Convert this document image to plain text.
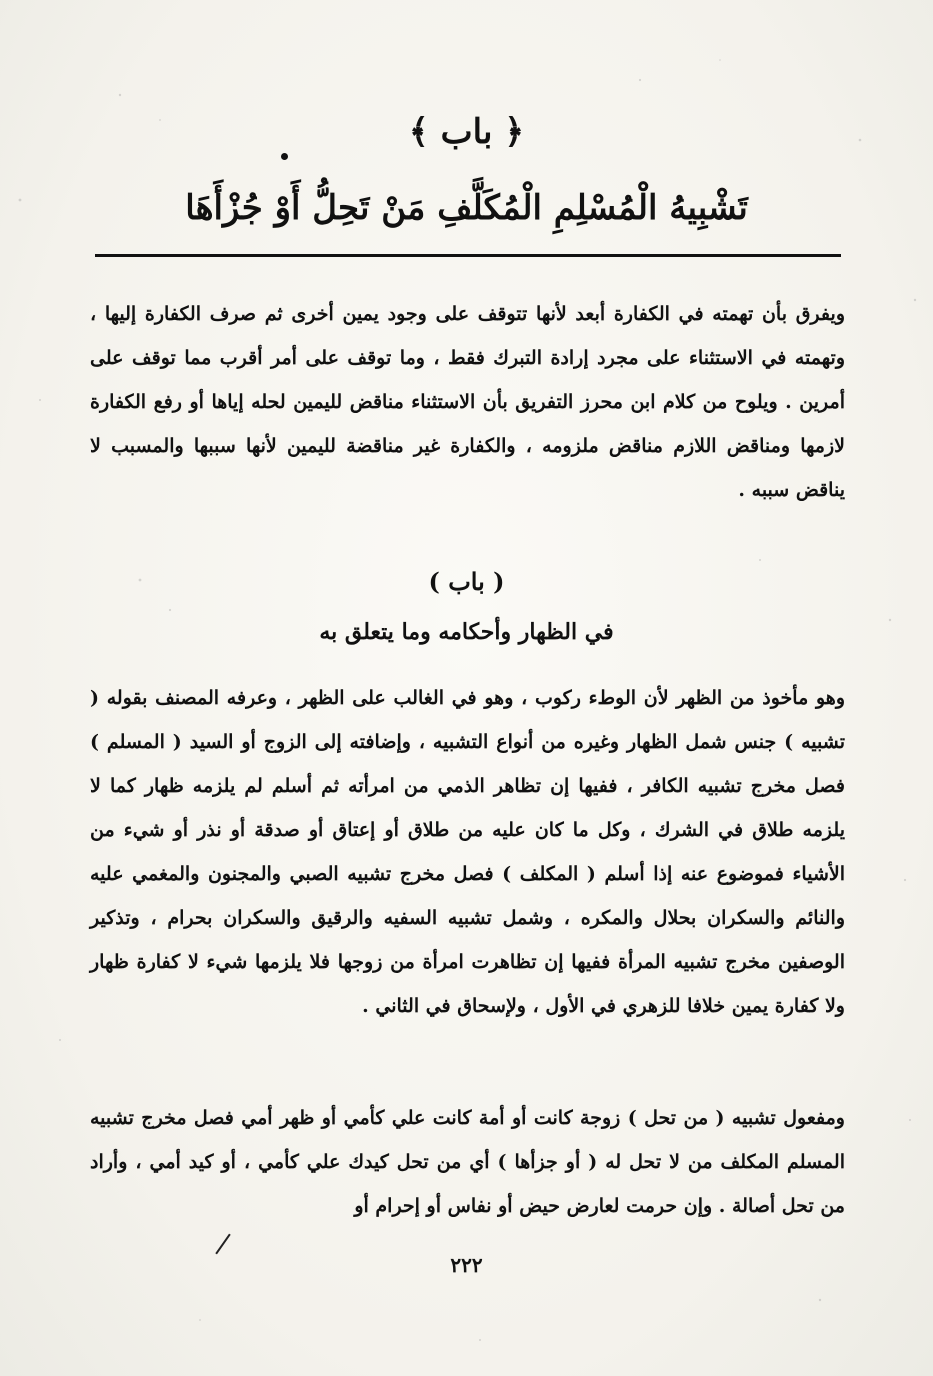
﴿ باب ﴾
تَشْبِيهُ الْمُسْلِمِ الْمُكَلَّفِ مَنْ تَحِلُّ أَوْ جُزْأَهَا

ويفرق بأن تهمته في الكفارة أبعد لأنها تتوقف على وجود يمين أخرى ثم صرف الكفارة إليها ، وتهمته في الاستثناء على مجرد إرادة التبرك فقط ، وما توقف على أمر أقرب مما توقف على أمرين . ويلوح من كلام ابن محرز التفريق بأن الاستثناء مناقض لليمين لحله إياها أو رفع الكفارة لازمها ومناقض اللازم مناقض ملزومه ، والكفارة غير مناقضة لليمين لأنها سببها والمسبب لا يناقض سببه .

( باب )
في الظهار وأحكامه وما يتعلق به

وهو مأخوذ من الظهر لأن الوطء ركوب ، وهو في الغالب على الظهر ، وعرفه المصنف بقوله ( تشبيه ) جنس شمل الظهار وغيره من أنواع التشبيه ، وإضافته إلى الزوج أو السيد ( المسلم ) فصل مخرج تشبيه الكافر ، ففيها إن تظاهر الذمي من امرأته ثم أسلم لم يلزمه ظهار كما لا يلزمه طلاق في الشرك ، وكل ما كان عليه من طلاق أو إعتاق أو صدقة أو نذر أو شيء من الأشياء فموضوع عنه إذا أسلم ( المكلف ) فصل مخرج تشبيه الصبي والمجنون والمغمي عليه والنائم والسكران بحلال والمكره ، وشمل تشبيه السفيه والرقيق والسكران بحرام ، وتذكير الوصفين مخرج تشبيه المرأة ففيها إن تظاهرت امرأة من زوجها فلا يلزمها شيء لا كفارة ظهار ولا كفارة يمين خلافا للزهري في الأول ، ولإسحاق في الثاني .

ومفعول تشبيه ( من تحل ) زوجة كانت أو أمة كانت علي كأمي أو ظهر أمي فصل مخرج تشبيه المسلم المكلف من لا تحل له ( أو جزأها ) أي من تحل كيدك علي كأمي ، أو كيد أمي ، وأراد من تحل أصالة . وإن حرمت لعارض حيض أو نفاس أو إحرام أو

٢٢٢
